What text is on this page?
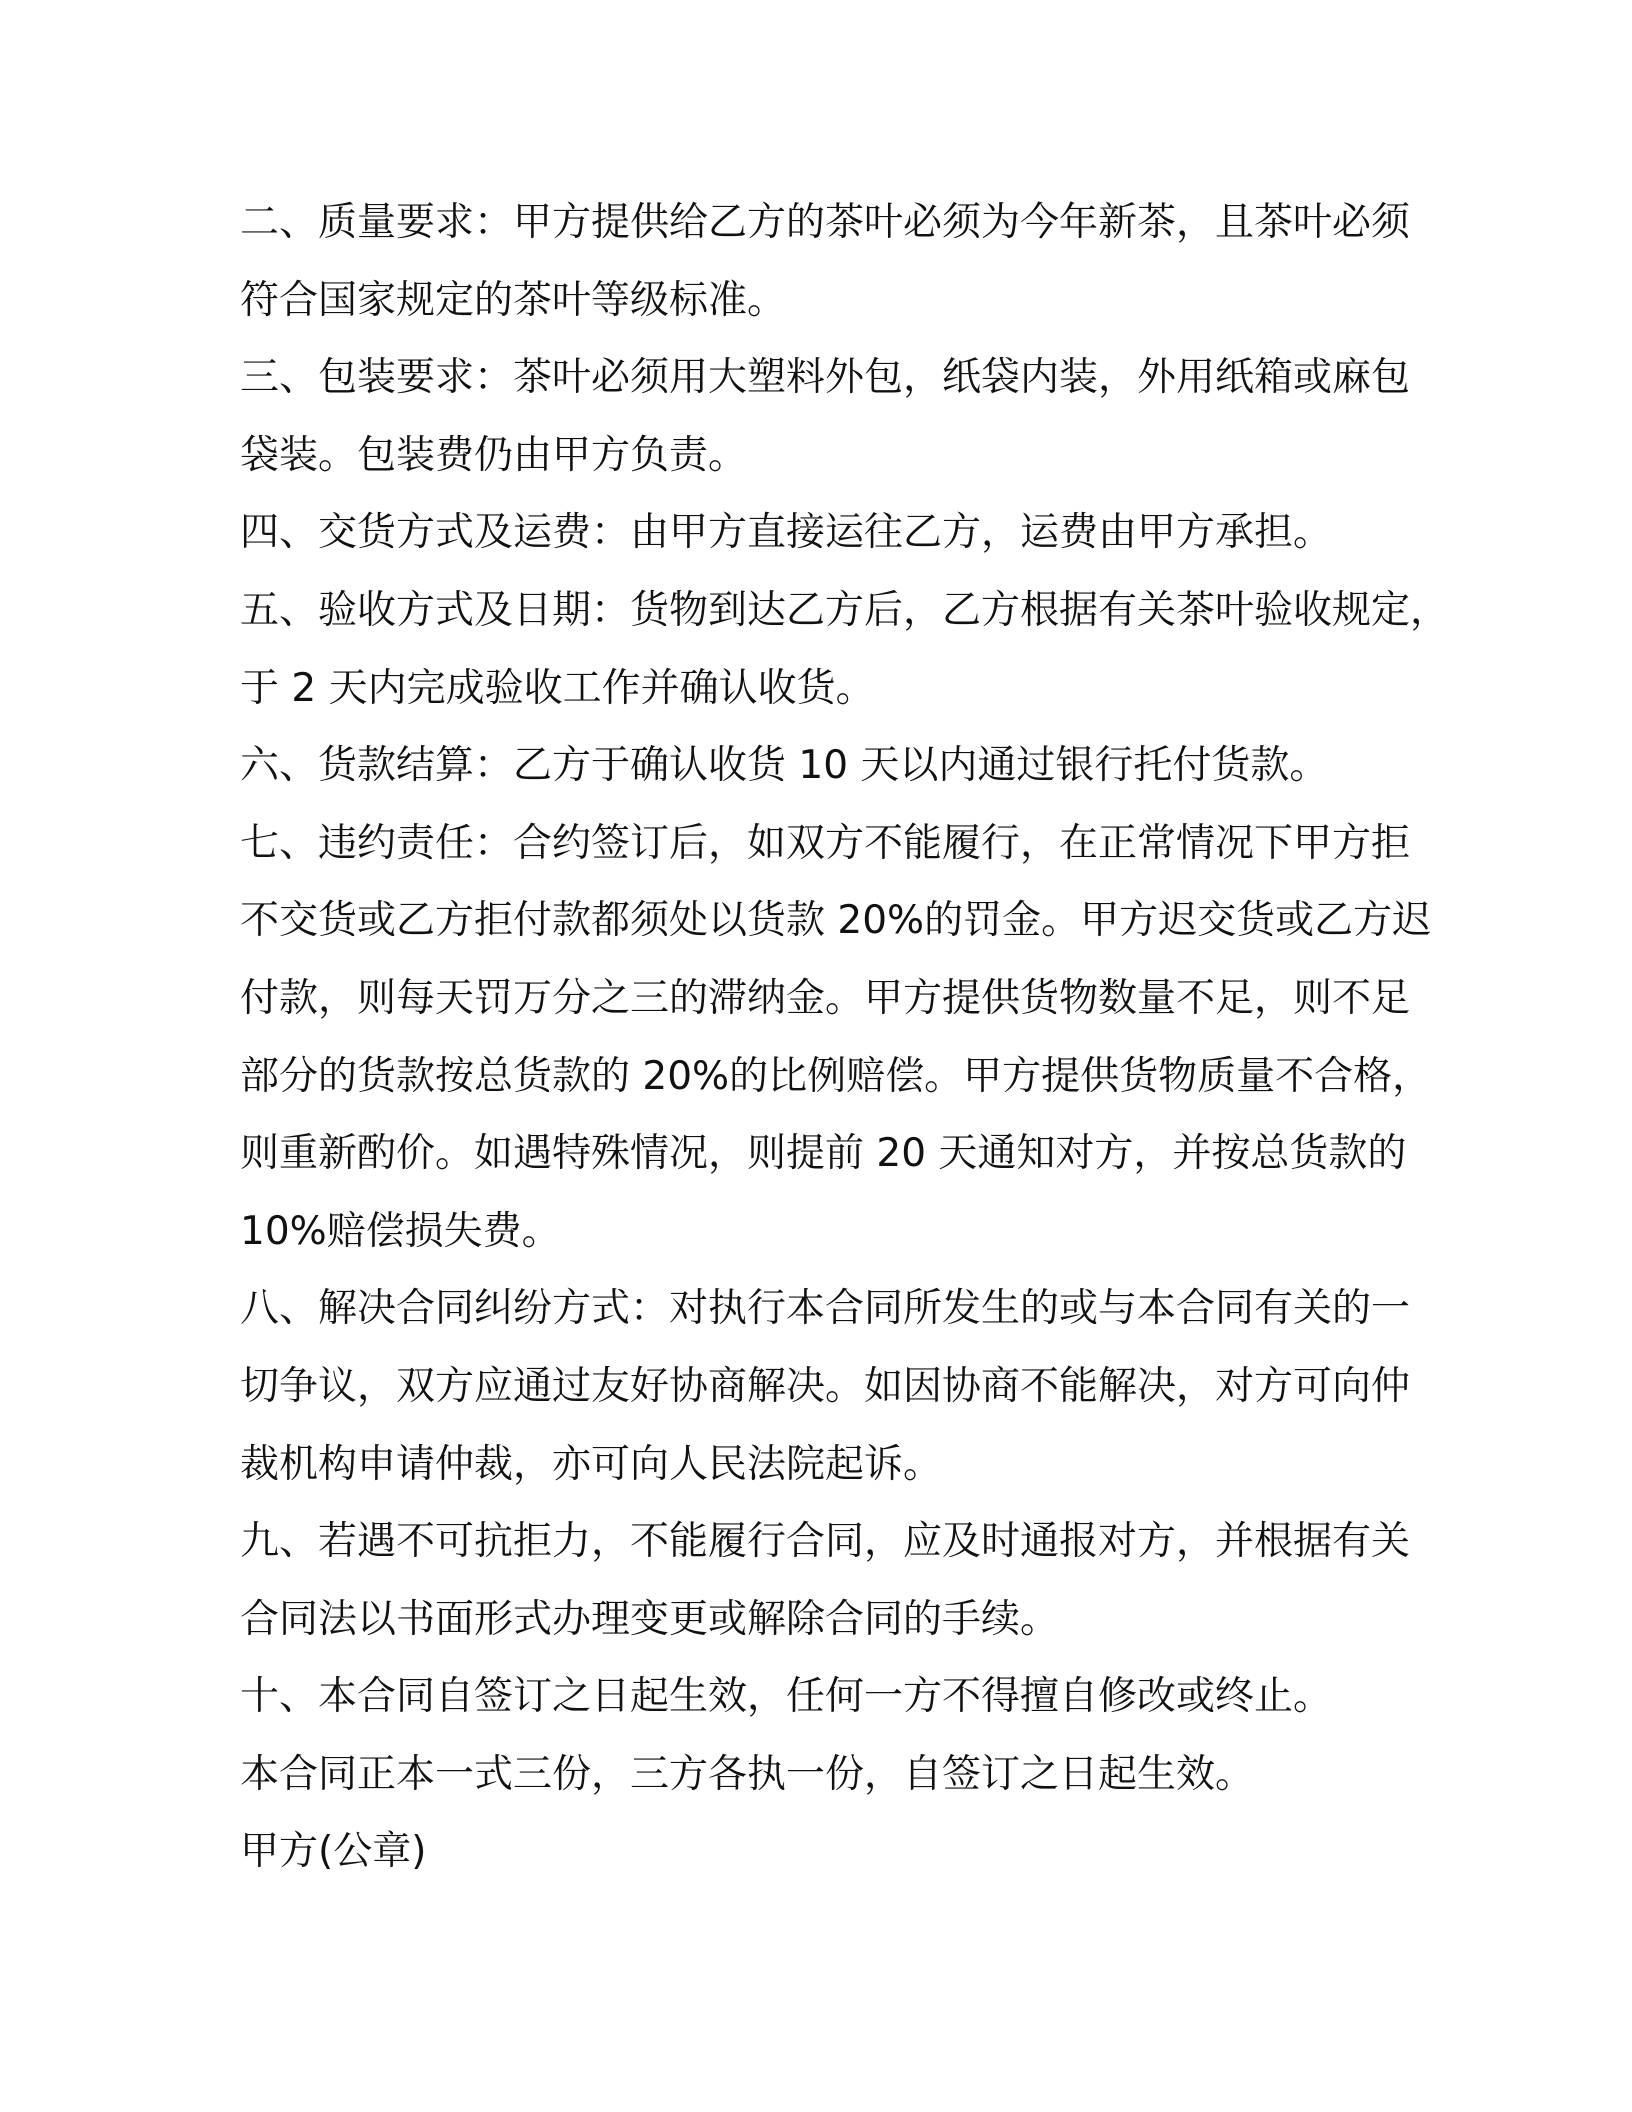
二、质量要求：甲方提供给乙方的茶叶必须为今年新茶，且茶叶必须
符合国家规定的茶叶等级标准。
三、包装要求：茶叶必须用大塑料外包，纸袋内装，外用纸箱或麻包
袋装。包装费仍由甲方负责。
四、交货方式及运费：由甲方直接运往乙方，运费由甲方承担。
五、验收方式及日期：货物到达乙方后，乙方根据有关茶叶验收规定，
于 2 天内完成验收工作并确认收货。
六、货款结算：乙方于确认收货 10 天以内通过银行托付货款。
七、违约责任：合约签订后，如双方不能履行，在正常情况下甲方拒
不交货或乙方拒付款都须处以货款 20%的罚金。甲方迟交货或乙方迟
付款，则每天罚万分之三的滞纳金。甲方提供货物数量不足，则不足
部分的货款按总货款的 20%的比例赔偿。甲方提供货物质量不合格，
则重新酌价。如遇特殊情况，则提前 20 天通知对方，并按总货款的
10%赔偿损失费。
八、解决合同纠纷方式：对执行本合同所发生的或与本合同有关的一
切争议，双方应通过友好协商解决。如因协商不能解决，对方可向仲
裁机构申请仲裁，亦可向人民法院起诉。
九、若遇不可抗拒力，不能履行合同，应及时通报对方，并根据有关
合同法以书面形式办理变更或解除合同的手续。
十、本合同自签订之日起生效，任何一方不得擅自修改或终止。
本合同正本一式三份，三方各执一份，自签订之日起生效。
甲方(公章)
